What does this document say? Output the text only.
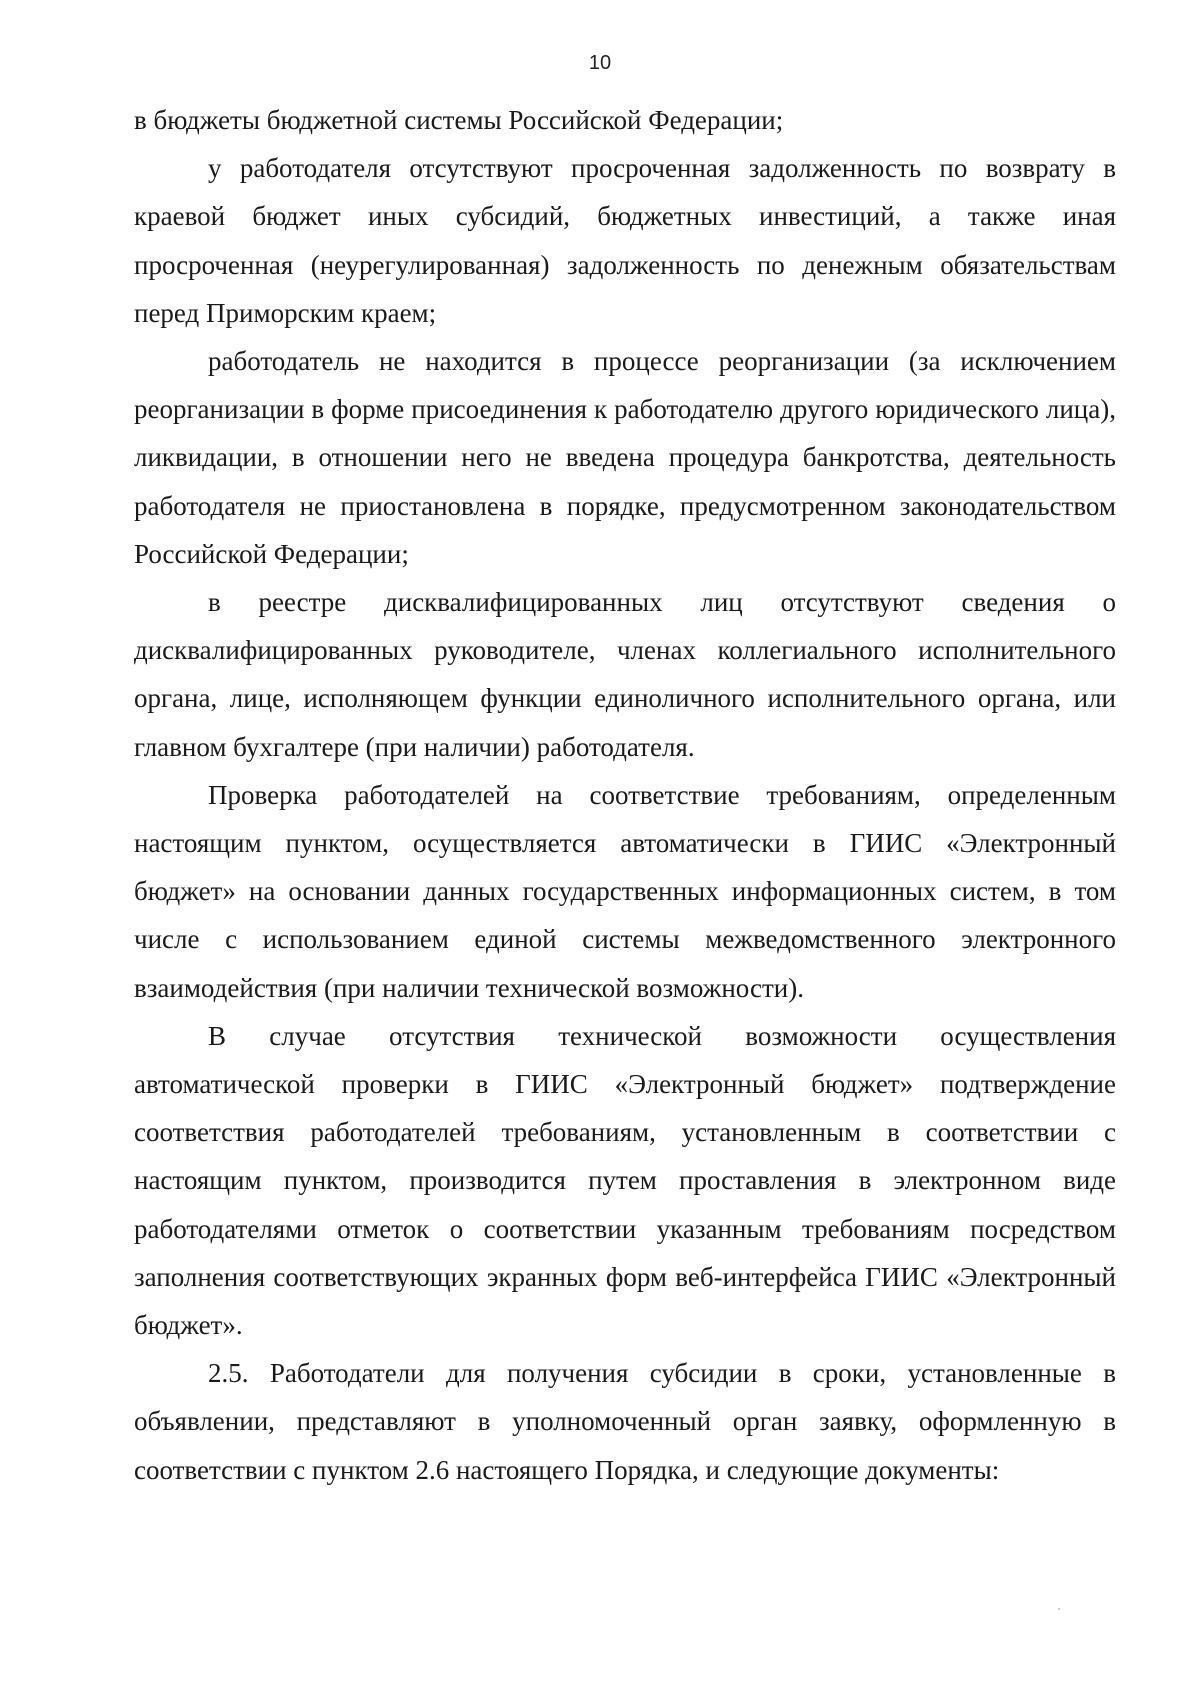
10

в бюджеты бюджетной системы Российской Федерации;

у работодателя отсутствуют просроченная задолженность по возврату в краевой бюджет иных субсидий, бюджетных инвестиций, а также иная просроченная (неурегулированная) задолженность по денежным обязательствам перед Приморским краем;

работодатель не находится в процессе реорганизации (за исключением реорганизации в форме присоединения к работодателю другого юридического лица), ликвидации, в отношении него не введена процедура банкротства, деятельность работодателя не приостановлена в порядке, предусмотренном законодательством Российской Федерации;

в реестре дисквалифицированных лиц отсутствуют сведения о дисквалифицированных руководителе, членах коллегиального исполнительного органа, лице, исполняющем функции единоличного исполнительного органа, или главном бухгалтере (при наличии) работодателя.

Проверка работодателей на соответствие требованиям, определенным настоящим пунктом, осуществляется автоматически в ГИИС «Электронный бюджет» на основании данных государственных информационных систем, в том числе с использованием единой системы межведомственного электронного взаимодействия (при наличии технической возможности).

В случае отсутствия технической возможности осуществления автоматической проверки в ГИИС «Электронный бюджет» подтверждение соответствия работодателей требованиям, установленным в соответствии с настоящим пунктом, производится путем проставления в электронном виде работодателями отметок о соответствии указанным требованиям посредством заполнения соответствующих экранных форм веб-интерфейса ГИИС «Электронный бюджет».

2.5. Работодатели для получения субсидии в сроки, установленные в объявлении, представляют в уполномоченный орган заявку, оформленную в соответствии с пунктом 2.6 настоящего Порядка, и следующие документы:
